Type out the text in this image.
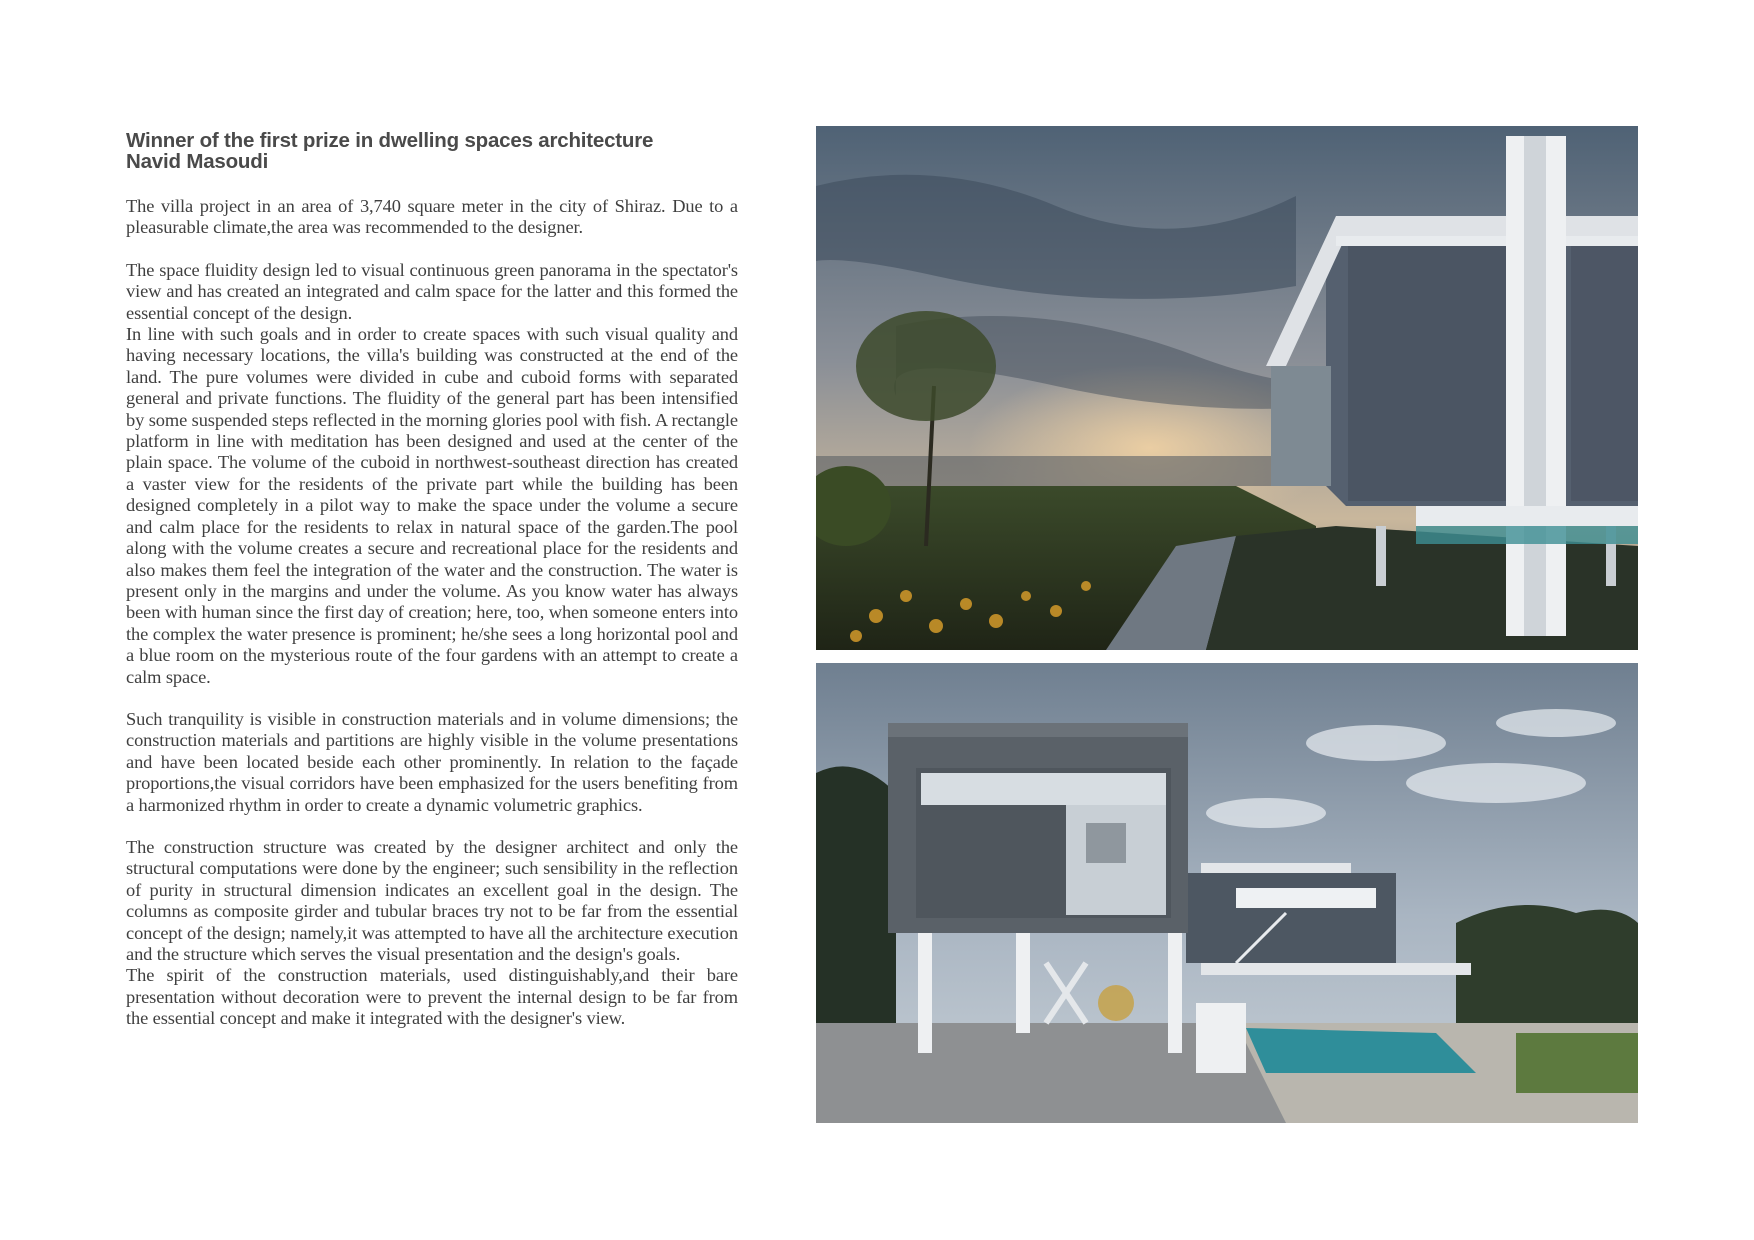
Winner of the first prize in dwelling spaces architecture
Navid Masoudi

The villa project in an area of 3,740 square meter in the city of Shiraz. Due to a pleasurable climate,the area was recommended to the designer.

The space fluidity design led to visual continuous green panorama in the spectator's view and has created an integrated and calm space for the latter and this formed the essential concept of the design.

In line with such goals and in order to create spaces with such visual quality and having necessary locations, the villa's building was constructed at the end of the land. The pure volumes were divided in cube and cuboid forms with separated general and private functions. The fluidity of the general part has been intensified by some suspended steps reflected in the morning glories pool with fish. A rectangle platform in line with meditation has been designed and used at the center of the plain space. The volume of the cuboid in northwest-southeast direction has created a vaster view for the residents of the private part while the building has been designed completely in a pilot way to make the space under the volume a secure and calm place for the residents to relax in natural space of the garden.The pool along with the volume creates a secure and recreational place for the residents and also makes them feel the integration of the water and the construction. The water is present only in the margins and under the volume. As you know water has always been with human since the first day of creation; here, too, when someone enters into the complex the water presence is prominent; he/she sees a long horizontal pool and a blue room on the mysterious route of the four gardens with an attempt to create a calm space.

Such tranquility is visible in construction materials and in volume dimensions; the construction materials and partitions are highly visible in the volume presentations and have been located beside each other prominently. In relation to the façade proportions,the visual corridors have been emphasized for the users benefiting from a harmonized rhythm in order to create a dynamic volumetric graphics.

The construction structure was created by the designer architect and only the structural computations were done by the engineer; such sensibility in the reflection of purity in structural dimension indicates an excellent goal in the design. The columns as composite girder and tubular braces try not to be far from the essential concept of the design; namely,it was attempted to have all the architecture execution and the structure which serves the visual presentation and the design's goals.

The spirit of the construction materials, used distinguishably,and their bare presentation without decoration were to prevent the internal design to be far from the essential concept and make it integrated with the designer's view.
